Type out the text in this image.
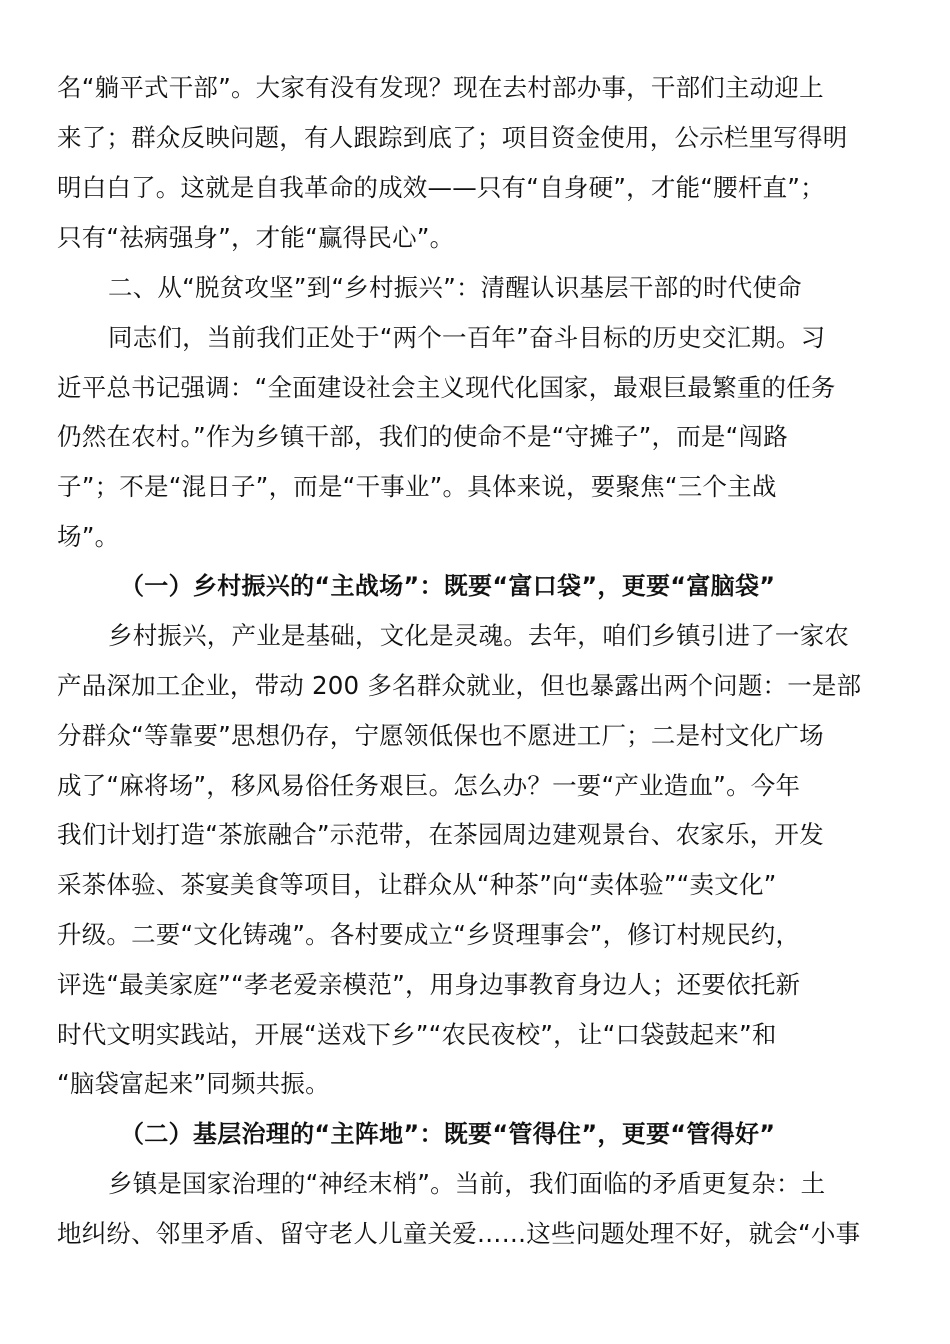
名“躺平式干部”。大家有没有发现？现在去村部办事，干部们主动迎上
来了；群众反映问题，有人跟踪到底了；项目资金使用，公示栏里写得明
明白白了。这就是自我革命的成效——只有“自身硬”，才能“腰杆直”；
只有“祛病强身”，才能“赢得民心”。
二、从“脱贫攻坚”到“乡村振兴”：清醒认识基层干部的时代使命
同志们，当前我们正处于“两个一百年”奋斗目标的历史交汇期。习
近平总书记强调：“全面建设社会主义现代化国家，最艰巨最繁重的任务
仍然在农村。”作为乡镇干部，我们的使命不是“守摊子”，而是“闯路
子”；不是“混日子”，而是“干事业”。具体来说，要聚焦“三个主战
场”。
（一）乡村振兴的“主战场”：既要“富口袋”，更要“富脑袋”
乡村振兴，产业是基础，文化是灵魂。去年，咱们乡镇引进了一家农
产品深加工企业，带动 200 多名群众就业，但也暴露出两个问题：一是部
分群众“等靠要”思想仍存，宁愿领低保也不愿进工厂；二是村文化广场
成了“麻将场”，移风易俗任务艰巨。怎么办？一要“产业造血”。今年
我们计划打造“茶旅融合”示范带，在茶园周边建观景台、农家乐，开发
采茶体验、茶宴美食等项目，让群众从“种茶”向“卖体验”“卖文化”
升级。二要“文化铸魂”。各村要成立“乡贤理事会”，修订村规民约，
评选“最美家庭”“孝老爱亲模范”，用身边事教育身边人；还要依托新
时代文明实践站，开展“送戏下乡”“农民夜校”，让“口袋鼓起来”和
“脑袋富起来”同频共振。
（二）基层治理的“主阵地”：既要“管得住”，更要“管得好”
乡镇是国家治理的“神经末梢”。当前，我们面临的矛盾更复杂：土
地纠纷、邻里矛盾、留守老人儿童关爱……这些问题处理不好，就会“小事
